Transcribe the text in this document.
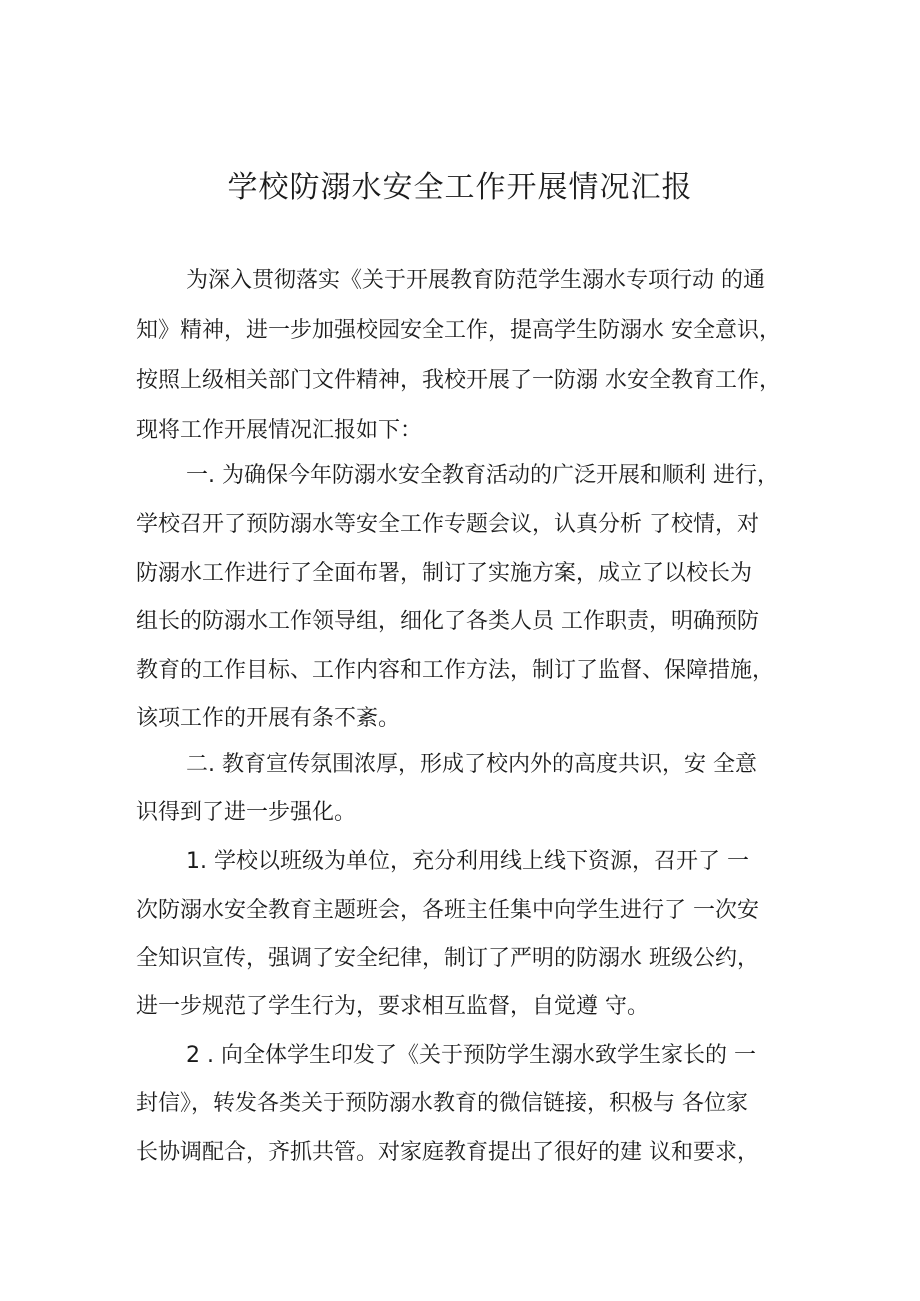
学校防溺水安全工作开展情况汇报

为深入贯彻落实《关于开展教育防范学生溺水专项行动 的通

知》精神，进一步加强校园安全工作，提高学生防溺水 安全意识，

按照上级相关部门文件精神，我校开展了一防溺 水安全教育工作，

现将工作开展情况汇报如下：

一. 为确保今年防溺水安全教育活动的广泛开展和顺利 进行，

学校召开了预防溺水等安全工作专题会议，认真分析 了校情，对

防溺水工作进行了全面布署，制订了实施方案，成立了以校长为

组长的防溺水工作领导组，细化了各类人员 工作职责，明确预防

教育的工作目标、工作内容和工作方法，制订了监督、保障措施，

该项工作的开展有条不紊。

二. 教育宣传氛围浓厚，形成了校内外的高度共识，安 全意

识得到了进一步强化。

1. 学校以班级为单位，充分利用线上线下资源，召开了 一

次防溺水安全教育主题班会，各班主任集中向学生进行了 一次安

全知识宣传，强调了安全纪律，制订了严明的防溺水 班级公约，

进一步规范了学生行为，要求相互监督，自觉遵 守。

2 . 向全体学生印发了《关于预防学生溺水致学生家长的 一

封信》，转发各类关于预防溺水教育的微信链接，积极与 各位家

长协调配合，齐抓共管。对家庭教育提出了很好的建 议和要求，
